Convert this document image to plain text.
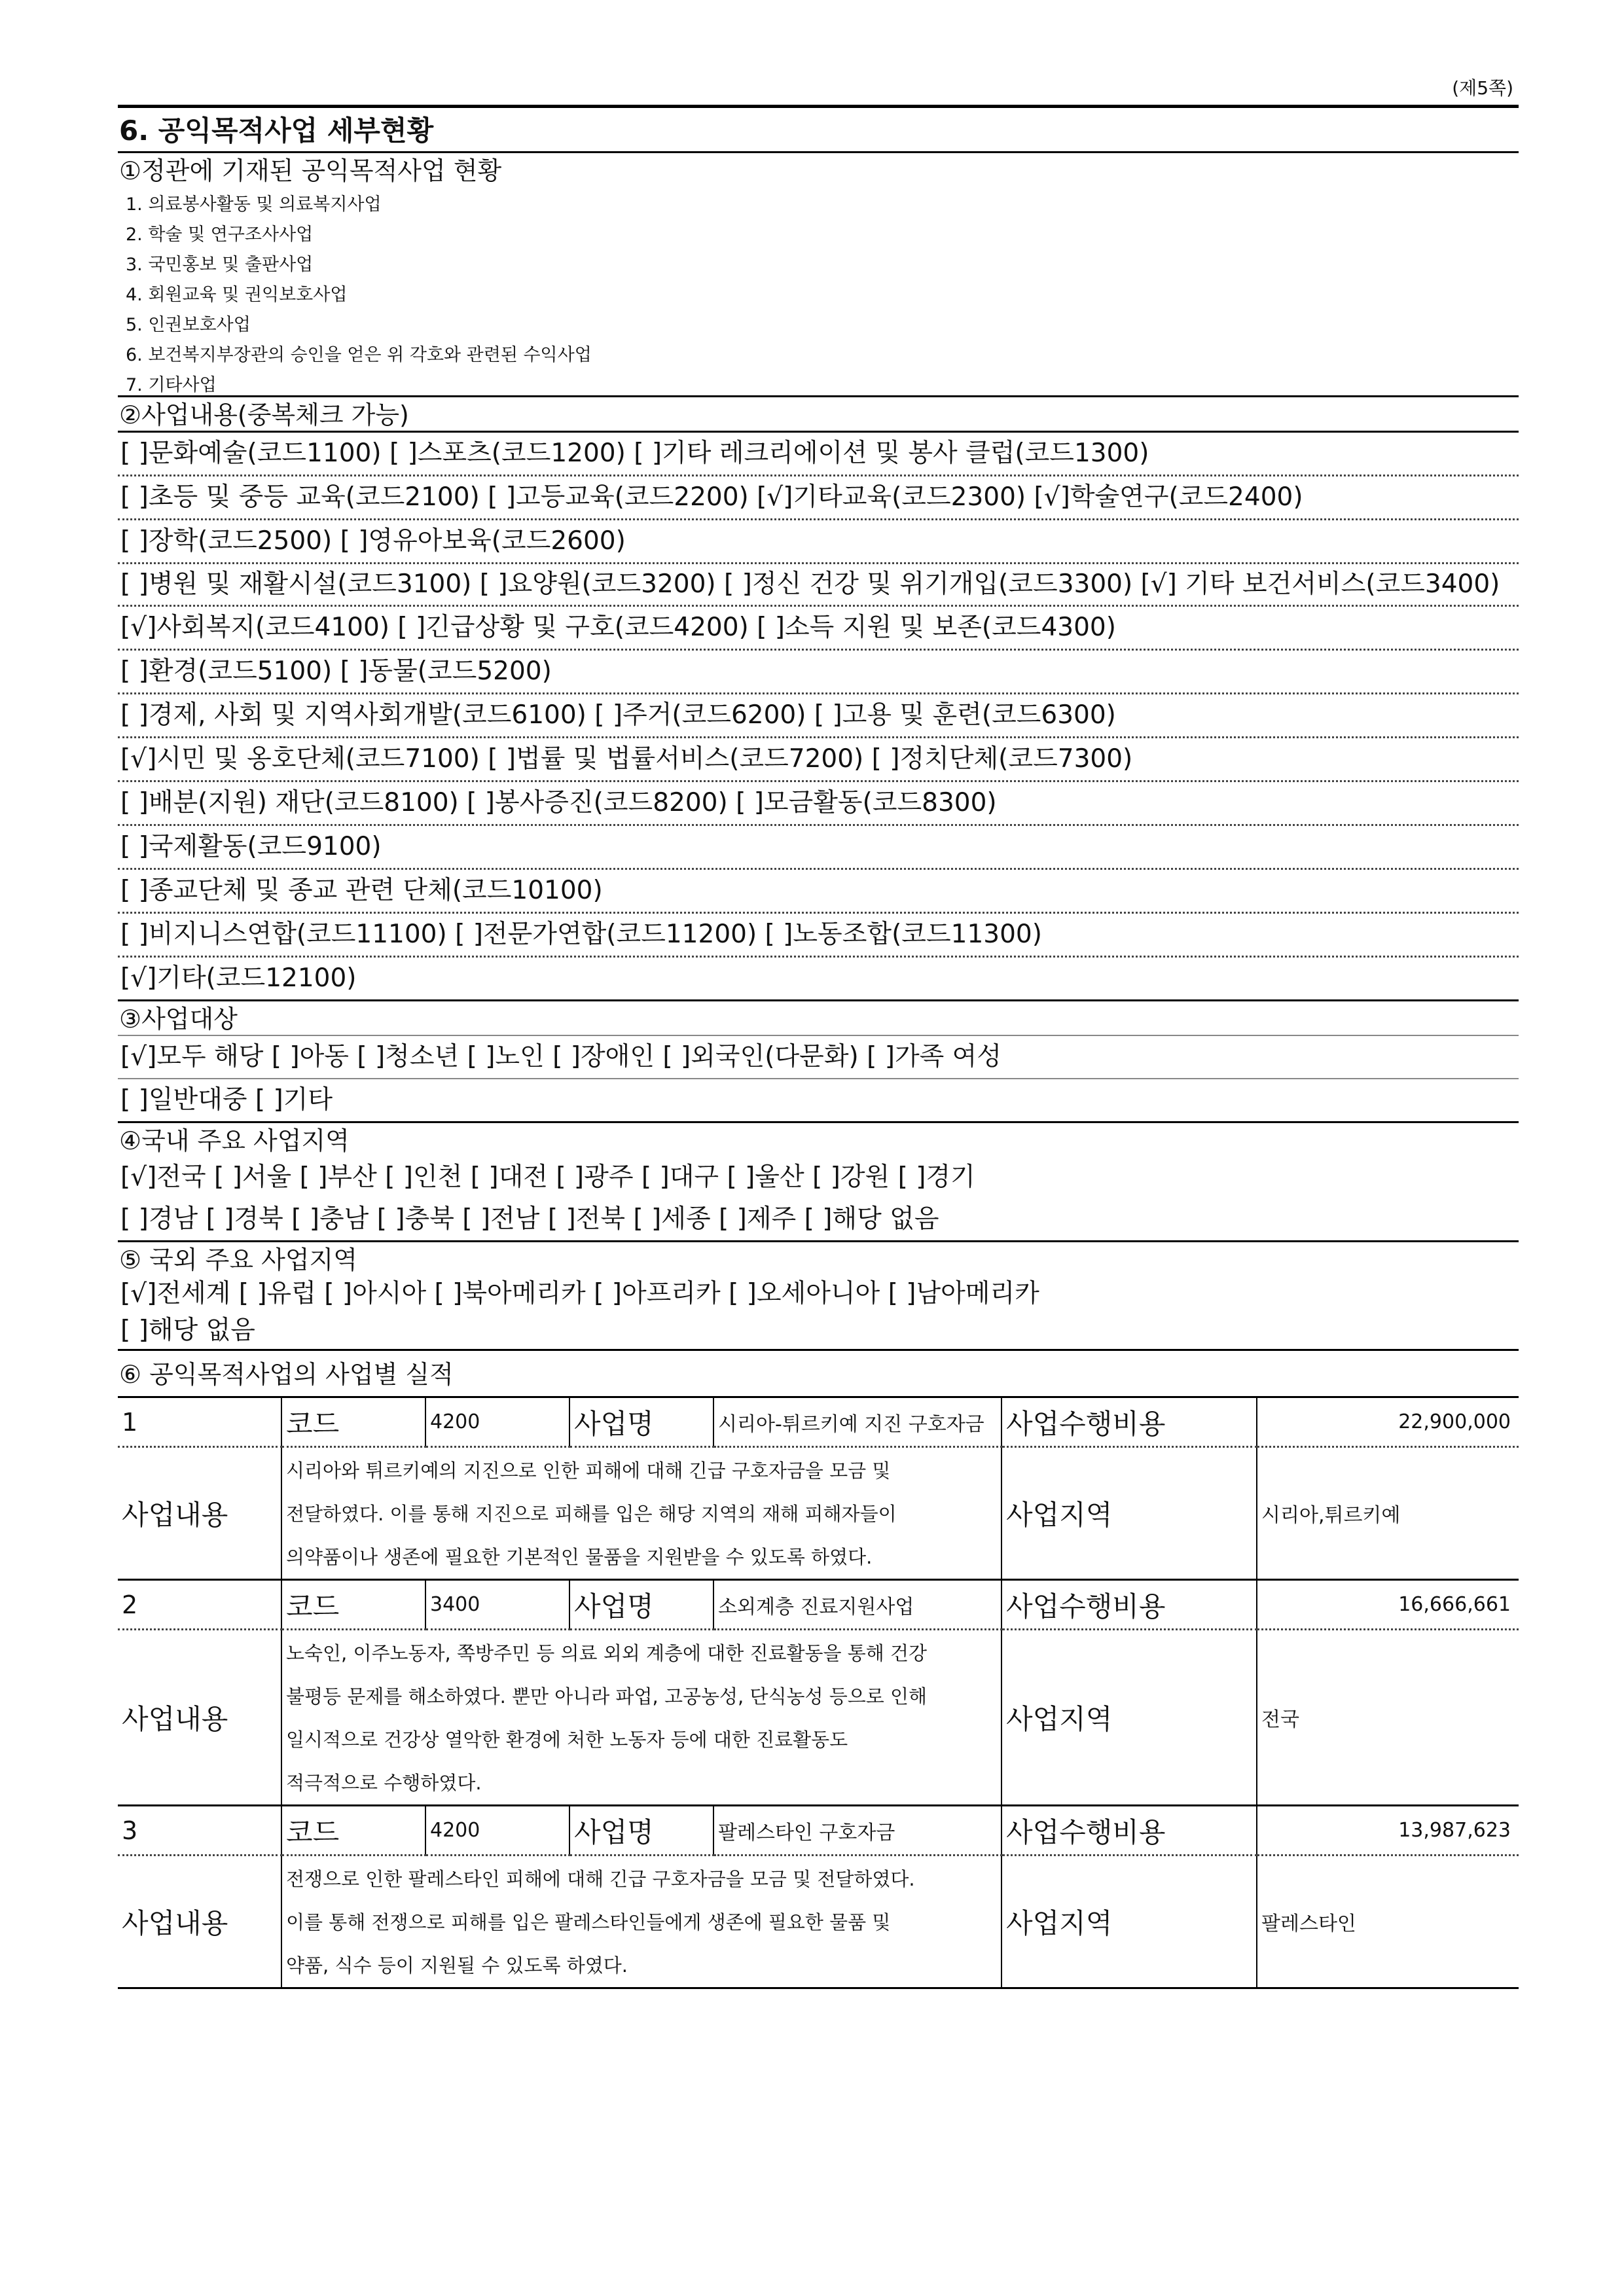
(제5쪽)
6. 공익목적사업 세부현황
①정관에 기재된 공익목적사업 현황
1. 의료봉사활동 및 의료복지사업
2. 학술 및 연구조사사업
3. 국민홍보 및 출판사업
4. 회원교육 및 권익보호사업
5. 인권보호사업
6. 보건복지부장관의 승인을 얻은 위 각호와 관련된 수익사업
7. 기타사업
②사업내용(중복체크 가능)
[ ]문화예술(코드1100) [ ]스포츠(코드1200) [ ]기타 레크리에이션 및 봉사 클럽(코드1300)
[ ]초등 및 중등 교육(코드2100) [ ]고등교육(코드2200) [√]기타교육(코드2300) [√]학술연구(코드2400)
[ ]장학(코드2500) [ ]영유아보육(코드2600)
[ ]병원 및 재활시설(코드3100) [ ]요양원(코드3200) [ ]정신 건강 및 위기개입(코드3300) [√] 기타 보건서비스(코드3400)
[√]사회복지(코드4100) [ ]긴급상황 및 구호(코드4200) [ ]소득 지원 및 보존(코드4300)
[ ]환경(코드5100) [ ]동물(코드5200)
[ ]경제, 사회 및 지역사회개발(코드6100) [ ]주거(코드6200) [ ]고용 및 훈련(코드6300)
[√]시민 및 옹호단체(코드7100) [ ]법률 및 법률서비스(코드7200) [ ]정치단체(코드7300)
[ ]배분(지원) 재단(코드8100) [ ]봉사증진(코드8200) [ ]모금활동(코드8300)
[ ]국제활동(코드9100)
[ ]종교단체 및 종교 관련 단체(코드10100)
[ ]비지니스연합(코드11100) [ ]전문가연합(코드11200) [ ]노동조합(코드11300)
[√]기타(코드12100)
③사업대상
[√]모두 해당 [ ]아동 [ ]청소년 [ ]노인 [ ]장애인 [ ]외국인(다문화) [ ]가족 여성
[ ]일반대중 [ ]기타
④국내 주요 사업지역
[√]전국 [ ]서울 [ ]부산 [ ]인천 [ ]대전 [ ]광주 [ ]대구 [ ]울산 [ ]강원 [ ]경기
[ ]경남 [ ]경북 [ ]충남 [ ]충북 [ ]전남 [ ]전북 [ ]세종 [ ]제주 [ ]해당 없음
⑤ 국외 주요 사업지역
[√]전세계 [ ]유럽 [ ]아시아 [ ]북아메리카 [ ]아프리카 [ ]오세아니아 [ ]남아메리카
[ ]해당 없음
⑥ 공익목적사업의 사업별 실적
1	코드	4200	사업명	시리아-튀르키예 지진 구호자금	사업수행비용	22,900,000
사업내용	시리아와 튀르키예의 지진으로 인한 피해에 대해 긴급 구호자금을 모금 및
전달하였다. 이를 통해 지진으로 피해를 입은 해당 지역의 재해 피해자들이
의약품이나 생존에 필요한 기본적인 물품을 지원받을 수 있도록 하였다.				사업지역	시리아,튀르키예
2	코드	3400	사업명	소외계층 진료지원사업	사업수행비용	16,666,661
사업내용	노숙인, 이주노동자, 쪽방주민 등 의료 외외 계층에 대한 진료활동을 통해 건강
불평등 문제를 해소하였다. 뿐만 아니라 파업, 고공농성, 단식농성 등으로 인해
일시적으로 건강상 열악한 환경에 처한 노동자 등에 대한 진료활동도
적극적으로 수행하였다.				사업지역	전국
3	코드	4200	사업명	팔레스타인 구호자금	사업수행비용	13,987,623
사업내용	전쟁으로 인한 팔레스타인 피해에 대해 긴급 구호자금을 모금 및 전달하였다.
이를 통해 전쟁으로 피해를 입은 팔레스타인들에게 생존에 필요한 물품 및
약품, 식수 등이 지원될 수 있도록 하였다.				사업지역	팔레스타인
